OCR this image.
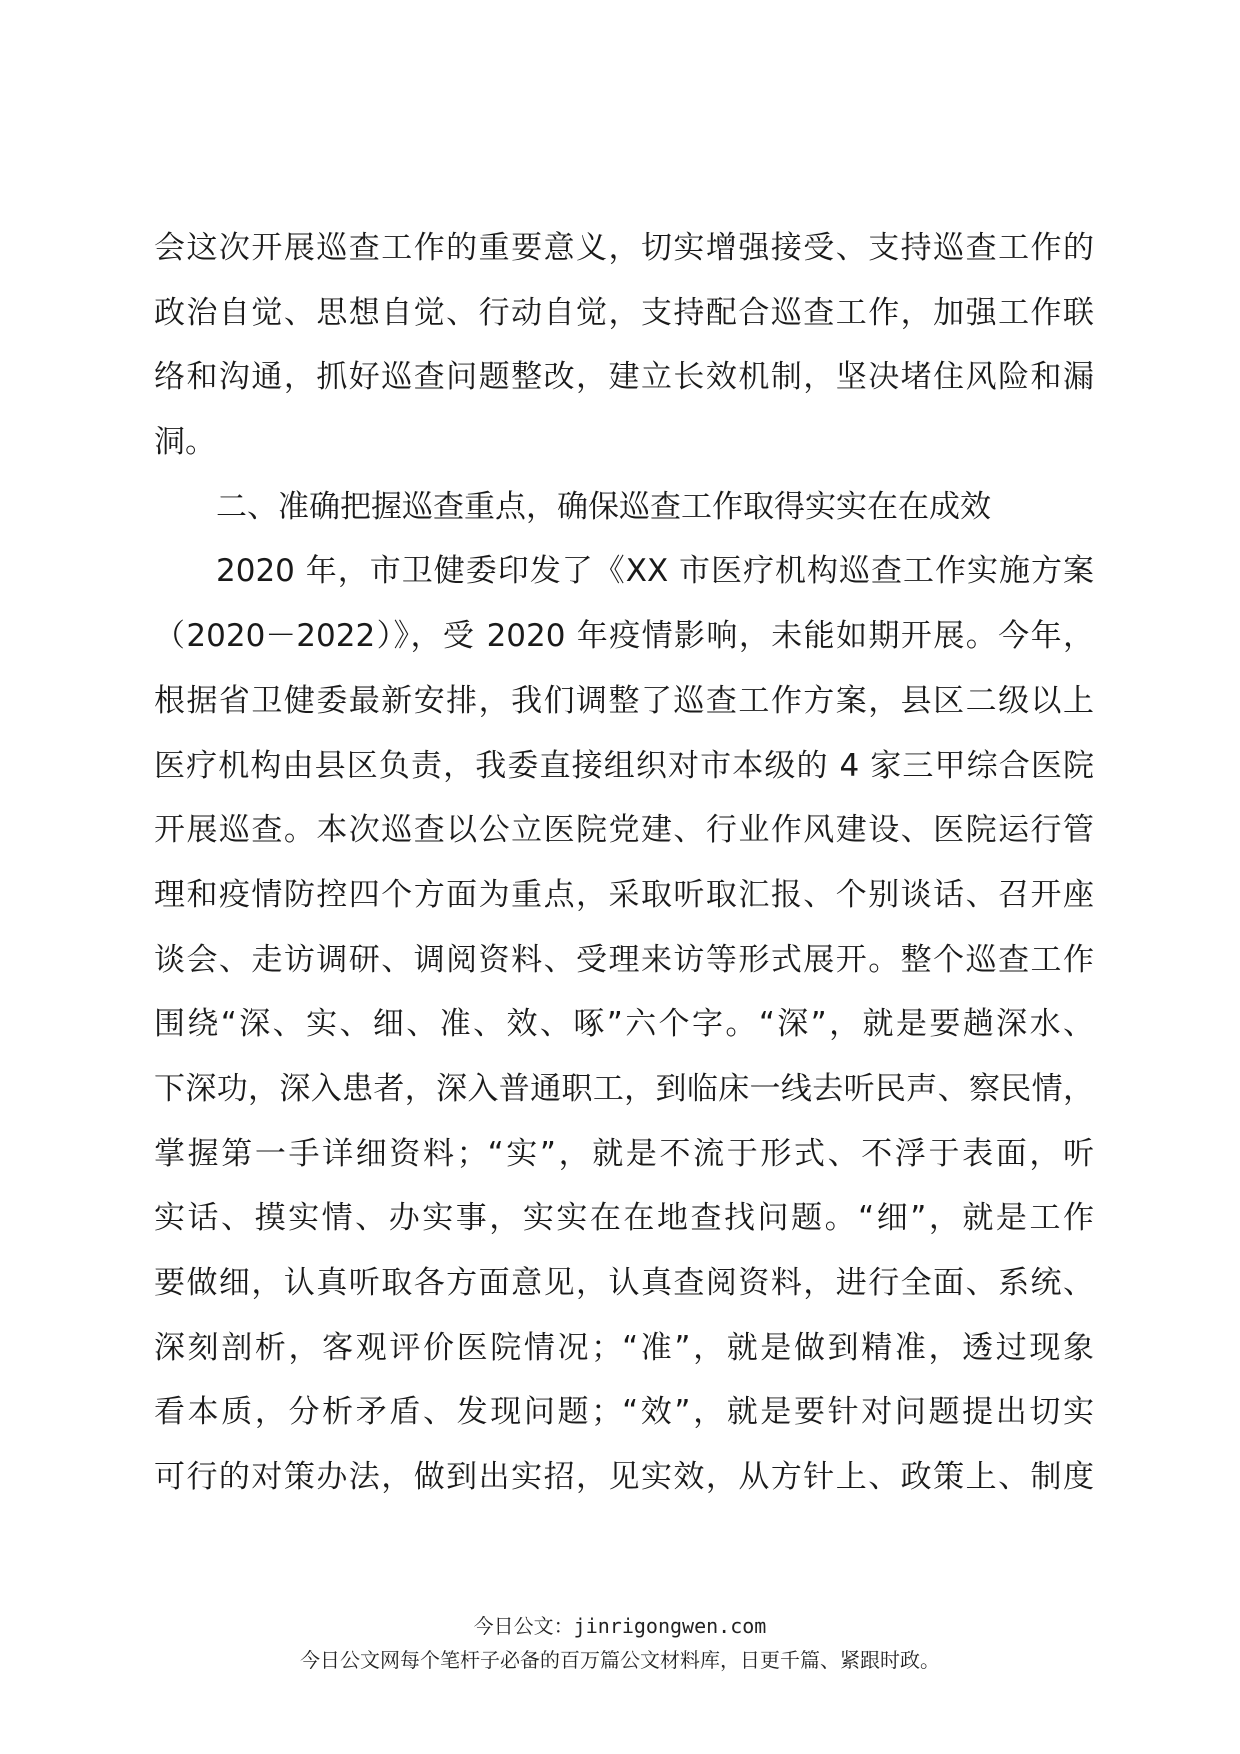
会这次开展巡查工作的重要意义，切实增强接受、支持巡查工作的
政治自觉、思想自觉、行动自觉，支持配合巡查工作，加强工作联
络和沟通，抓好巡查问题整改，建立长效机制，坚决堵住风险和漏
洞。
二、准确把握巡查重点，确保巡查工作取得实实在在成效
2020 年，市卫健委印发了《XX 市医疗机构巡查工作实施方案
（2020－2022）》，受 2020 年疫情影响，未能如期开展。今年，
根据省卫健委最新安排，我们调整了巡查工作方案，县区二级以上
医疗机构由县区负责，我委直接组织对市本级的 4 家三甲综合医院
开展巡查。本次巡查以公立医院党建、行业作风建设、医院运行管
理和疫情防控四个方面为重点，采取听取汇报、个别谈话、召开座
谈会、走访调研、调阅资料、受理来访等形式展开。整个巡查工作
围绕“深、实、细、准、效、啄”六个字。“深”，就是要趟深水、
下深功，深入患者，深入普通职工，到临床一线去听民声、察民情，
掌握第一手详细资料；“实”，就是不流于形式、不浮于表面，听
实话、摸实情、办实事，实实在在地查找问题。“细”，就是工作
要做细，认真听取各方面意见，认真查阅资料，进行全面、系统、
深刻剖析，客观评价医院情况；“准”，就是做到精准，透过现象
看本质，分析矛盾、发现问题；“效”，就是要针对问题提出切实
可行的对策办法，做到出实招，见实效，从方针上、政策上、制度
今日公文：jinrigongwen.com
今日公文网每个笔杆子必备的百万篇公文材料库，日更千篇、紧跟时政。
